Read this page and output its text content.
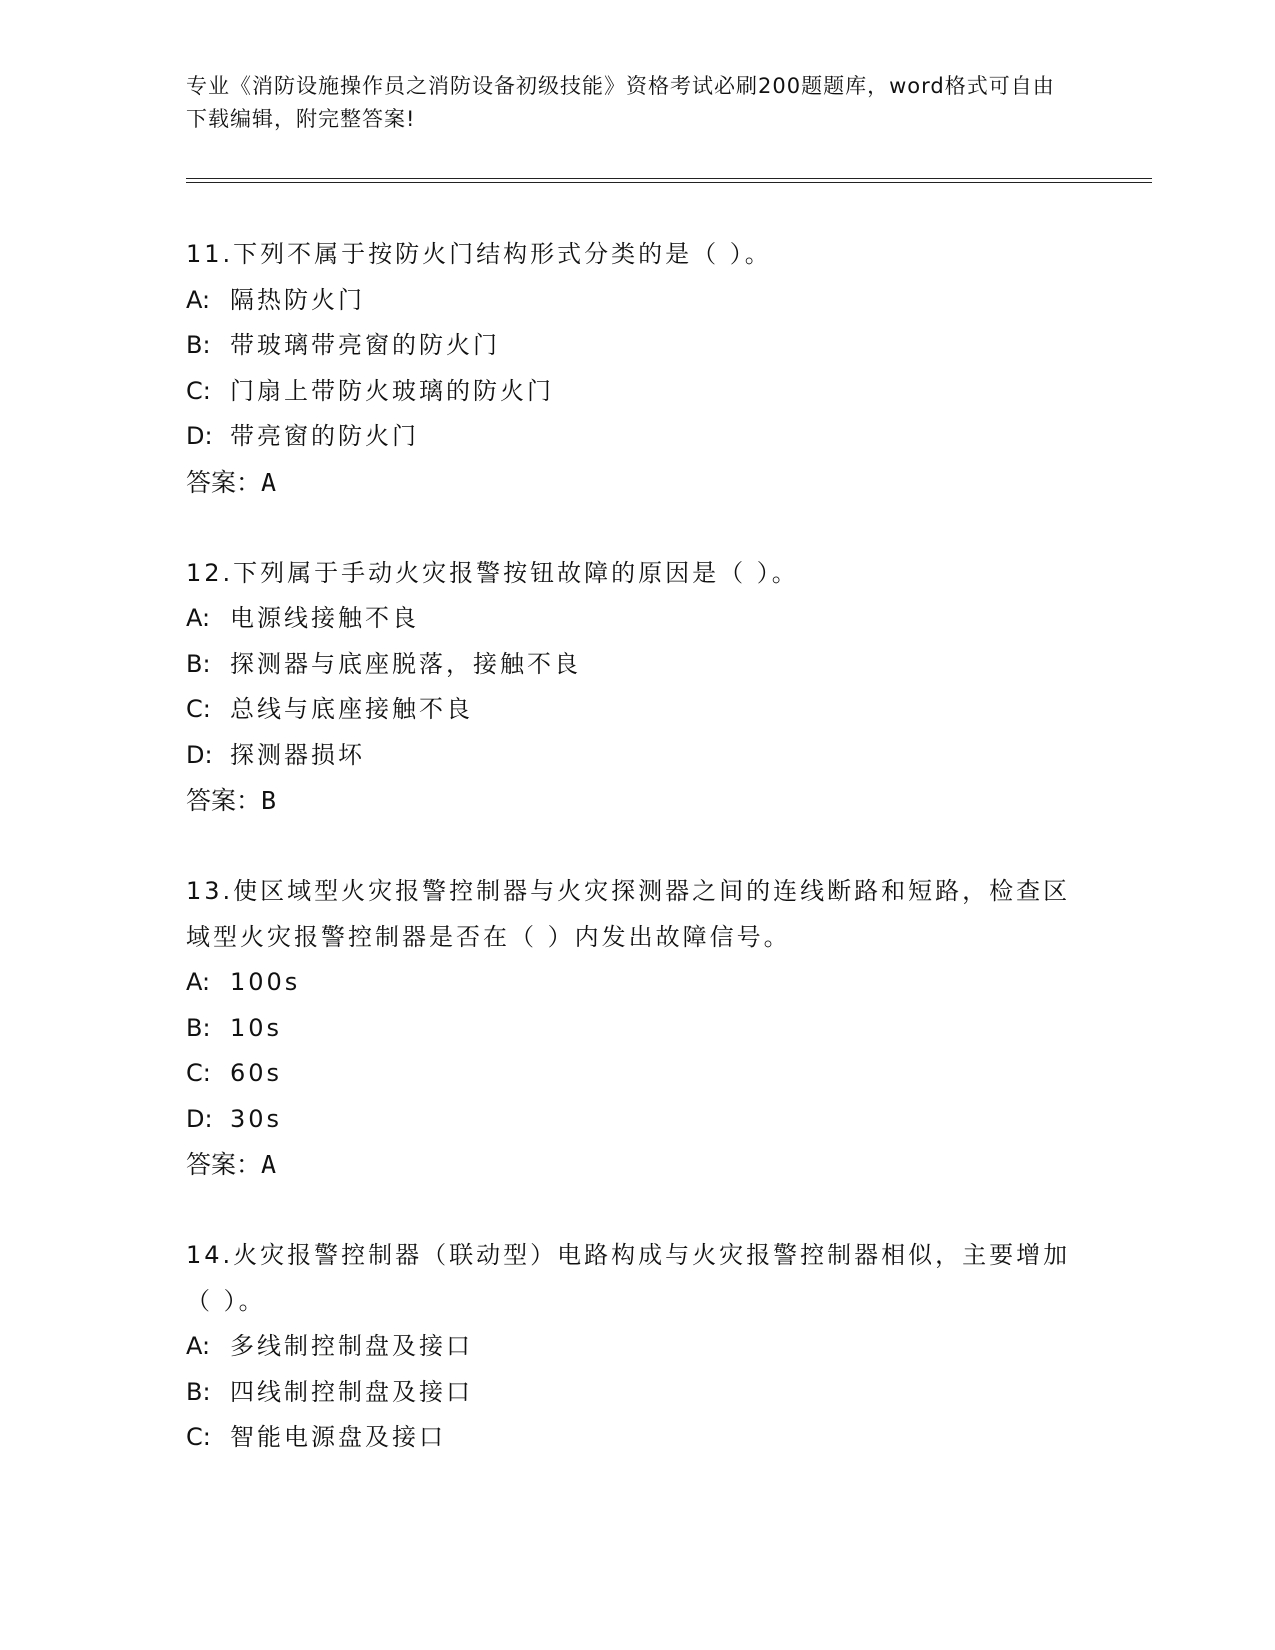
专业《消防设施操作员之消防设备初级技能》资格考试必刷200题题库，word格式可自由下载编辑，附完整答案!
11.下列不属于按防火门结构形式分类的是（ ）。
A: 隔热防火门
B: 带玻璃带亮窗的防火门
C: 门扇上带防火玻璃的防火门
D: 带亮窗的防火门
答案：A
12.下列属于手动火灾报警按钮故障的原因是（ ）。
A: 电源线接触不良
B: 探测器与底座脱落，接触不良
C: 总线与底座接触不良
D: 探测器损坏
答案：B
13.使区域型火灾报警控制器与火灾探测器之间的连线断路和短路，检查区域型火灾报警控制器是否在（ ）内发出故障信号。
A: 100s
B: 10s
C: 60s
D: 30s
答案：A
14.火灾报警控制器（联动型）电路构成与火灾报警控制器相似，主要增加（ ）。
A: 多线制控制盘及接口
B: 四线制控制盘及接口
C: 智能电源盘及接口
